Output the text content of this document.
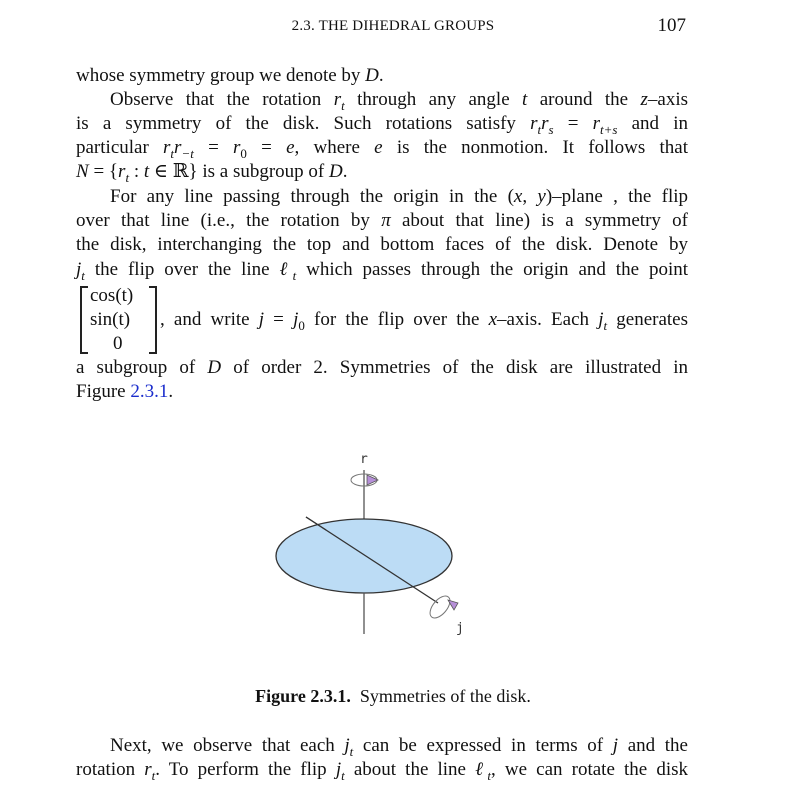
2.3. THE DIHEDRAL GROUPS	107
whose symmetry group we denote by D.
Observe that the rotation $r_t$ through any angle t around the z–axis
is a symmetry of the disk. Such rotations satisfy $r_tr_s = r_{t+s}$ and in
particular $r_tr_{-t} = r_0 = e$, where e is the nonmotion. It follows that
$N = \{r_t$ : t ∈ ℝ} is a subgroup of D.
For any line passing through the origin in the (x, y)–plane , the flip
over that line (i.e., the rotation by π about that line) is a symmetry of
the disk, interchanging the top and bottom faces of the disk. Denote by
$j_t$ the flip over the line ℓ$_t$ which passes through the origin and the point
cos(t)
sin(t)
0
, and write $j = j_0$ for the flip over the x–axis. Each $j_t$ generates
a subgroup of D of order 2. Symmetries of the disk are illustrated in
Figure 2.3.1.
r
j
Figure 2.3.1. Symmetries of the disk.
Next, we observe that each $j_t$ can be expressed in terms of j and the
rotation $r_t$. To perform the flip $j_t$ about the line ℓ$_t$, we can rotate the disk
